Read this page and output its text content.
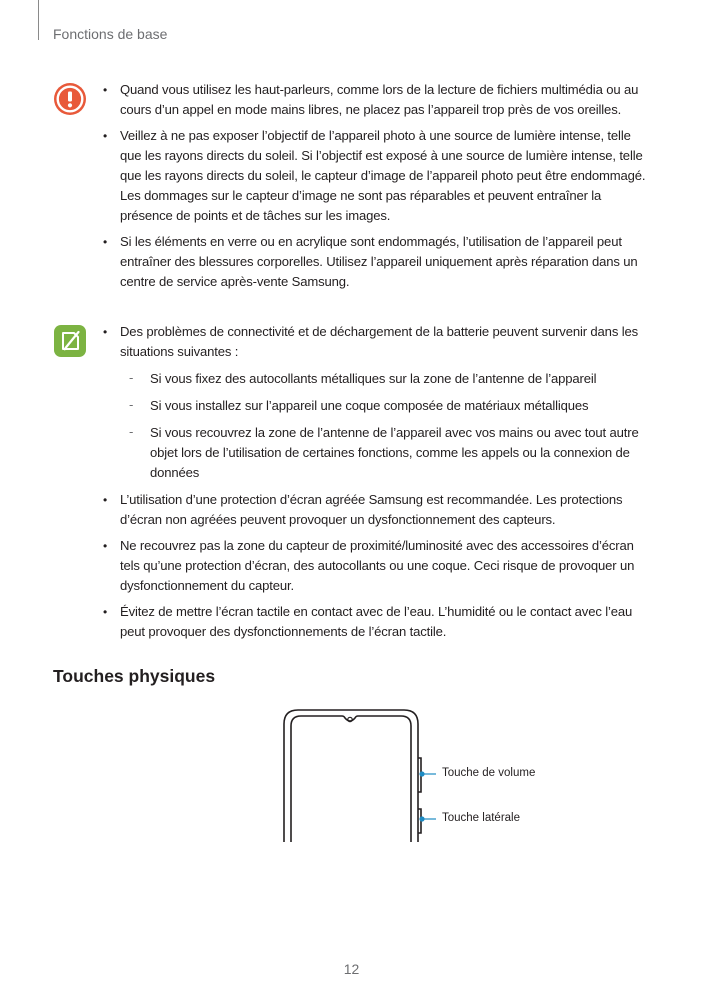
Fonctions de base
• Quand vous utilisez les haut-parleurs, comme lors de la lecture de fichiers multimédia ou au cours d’un appel en mode mains libres, ne placez pas l’appareil trop près de vos oreilles.
• Veillez à ne pas exposer l’objectif de l’appareil photo à une source de lumière intense, telle que les rayons directs du soleil. Si l’objectif est exposé à une source de lumière intense, telle que les rayons directs du soleil, le capteur d’image de l’appareil photo peut être endommagé. Les dommages sur le capteur d’image ne sont pas réparables et peuvent entraîner la présence de points et de tâches sur les images.
• Si les éléments en verre ou en acrylique sont endommagés, l’utilisation de l’appareil peut entraîner des blessures corporelles. Utilisez l’appareil uniquement après réparation dans un centre de service après-vente Samsung.
• Des problèmes de connectivité et de déchargement de la batterie peuvent survenir dans les situations suivantes :
- Si vous fixez des autocollants métalliques sur la zone de l’antenne de l’appareil
- Si vous installez sur l’appareil une coque composée de matériaux métalliques
- Si vous recouvrez la zone de l’antenne de l’appareil avec vos mains ou avec tout autre objet lors de l’utilisation de certaines fonctions, comme les appels ou la connexion de données
• L’utilisation d’une protection d’écran agréée Samsung est recommandée. Les protections d’écran non agréées peuvent provoquer un dysfonctionnement des capteurs.
• Ne recouvrez pas la zone du capteur de proximité/luminosité avec des accessoires d’écran tels qu’une protection d’écran, des autocollants ou une coque. Ceci risque de provoquer un dysfonctionnement du capteur.
• Évitez de mettre l’écran tactile en contact avec de l’eau. L’humidité ou le contact avec l’eau peut provoquer des dysfonctionnements de l’écran tactile.
Touches physiques
Touche de volume
Touche latérale
12
